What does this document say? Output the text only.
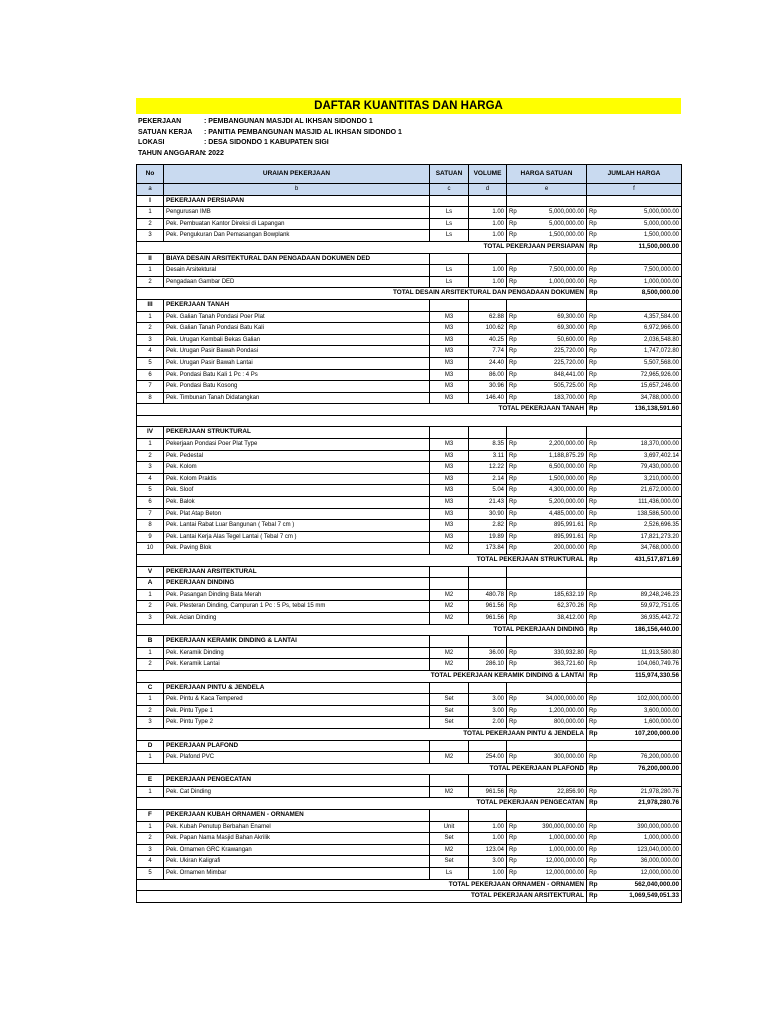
DAFTAR KUANTITAS DAN HARGA
PEKERJAAN	: PEMBANGUNAN MASJDI AL IKHSAN SIDONDO 1
SATUAN KERJA	: PANITIA PEMBANGUNAN MASJID AL IKHSAN SIDONDO 1
LOKASI	: DESA SIDONDO 1 KABUPATEN SIGI
TAHUN ANGGARAN : 2022
No	URAIAN PEKERJAAN	SATUAN	VOLUME	HARGA SATUAN		JUMLAH HARGA	
a	b	c	d	e		f	
I	PEKERJAAN PERSIAPAN						
1	Pengurusan IMB	Ls	1.00	Rp	5,000,000.00	Rp	5,000,000.00
2	Pek. Pembuatan Kantor Direksi di Lapangan	Ls	1.00	Rp	5,000,000.00	Rp	5,000,000.00
3	Pek. Pengukuran Dan Pemasangan Bowplank	Ls	1.00	Rp	1,500,000.00	Rp	1,500,000.00
TOTAL PEKERJAAN PERSIAPAN						Rp	11,500,000.00
II	BIAYA DESAIN ARSITEKTURAL DAN PENGADAAN DOKUMEN DED						
1	Desain Arsitektural	Ls	1.00	Rp	7,500,000.00	Rp	7,500,000.00
2	Pengadaan Gambar DED	Ls	1.00	Rp	1,000,000.00	Rp	1,000,000.00
TOTAL DESAIN ARSITEKTURAL DAN PENGADAAN DOKUMEN						Rp	8,500,000.00
III	PEKERJAAN TANAH						
1	Pek. Galian Tanah Pondasi Poer Plat	M3	62.88	Rp	69,300.00	Rp	4,357,584.00
2	Pek. Galian Tanah Pondasi Batu Kali	M3	100.62	Rp	69,300.00	Rp	6,972,966.00
3	Pek. Urugan Kembali Bekas Galian	M3	40.25	Rp	50,600.00	Rp	2,036,548.80
4	Pek. Urugan Pasir Bawah Pondasi	M3	7.74	Rp	225,720.00	Rp	1,747,072.80
5	Pek. Urugan Pasir Bawah Lantai	M3	24.40	Rp	225,720.00	Rp	5,507,568.00
6	Pek. Pondasi Batu Kali 1 Pc : 4 Ps	M3	86.00	Rp	848,441.00	Rp	72,965,926.00
7	Pek. Pondasi Batu Kosong	M3	30.96	Rp	505,725.00	Rp	15,657,246.00
8	Pek. Timbunan Tanah Didatangkan	M3	146.40	Rp	183,700.00	Rp	34,788,000.00
TOTAL PEKERJAAN TANAH						Rp	136,138,591.60

IV	PEKERJAAN STRUKTURAL						
1	Pekerjaan Pondasi Poer Plat Type	M3	8.35	Rp	2,200,000.00	Rp	18,370,000.00
2	Pek. Pedestal	M3	3.11	Rp	1,188,875.29	Rp	3,697,402.14
3	Pek. Kolom	M3	12.22	Rp	6,500,000.00	Rp	79,430,000.00
4	Pek. Kolom Praktis	M3	2.14	Rp	1,500,000.00	Rp	3,210,000.00
5	Pek. Sloof	M3	5.04	Rp	4,300,000.00	Rp	21,672,000.00
6	Pek. Balok	M3	21.43	Rp	5,200,000.00	Rp	111,436,000.00
7	Pek. Plat Atap Beton	M3	30.90	Rp	4,485,000.00	Rp	138,586,500.00
8	Pek. Lantai Rabat Luar Bangunan ( Tebal 7 cm )	M3	2.82	Rp	895,991.61	Rp	2,526,696.35
9	Pek. Lantai Kerja Alas Tegel Lantai ( Tebal 7 cm )	M3	19.89	Rp	895,991.61	Rp	17,821,273.20
10	Pek. Paving Blok	M2	173.84	Rp	200,000.00	Rp	34,768,000.00
TOTAL PEKERJAAN STRUKTURAL						Rp	431,517,871.69
V	PEKERJAAN ARSITEKTURAL						
A	PEKERJAAN DINDING						
1	Pek. Pasangan Dinding Bata Merah	M2	480.78	Rp	185,632.19	Rp	89,248,246.23
2	Pek. Plesteran Dinding, Campuran 1 Pc : 5 Ps, tebal 15 mm	M2	961.56	Rp	62,370.26	Rp	59,972,751.05
3	Pek. Acian Dinding	M2	961.56	Rp	38,412.00	Rp	36,935,442.72
TOTAL PEKERJAAN DINDING						Rp	186,156,440.00
B	PEKERJAAN KERAMIK DINDING & LANTAI						
1	Pek. Keramik Dinding	M2	36.00	Rp	330,932.80	Rp	11,913,580.80
2	Pek. Keramik Lantai	M2	286.10	Rp	363,721.60	Rp	104,060,749.76
TOTAL PEKERJAAN KERAMIK DINDING & LANTAI						Rp	115,974,330.56
C	PEKERJAAN PINTU & JENDELA						
1	Pek. Pintu & Kaca Tempered	Set	3.00	Rp	34,000,000.00	Rp	102,000,000.00
2	Pek. Pintu Type 1	Set	3.00	Rp	1,200,000.00	Rp	3,600,000.00
3	Pek. Pintu Type 2	Set	2.00	Rp	800,000.00	Rp	1,600,000.00
TOTAL PEKERJAAN PINTU & JENDELA						Rp	107,200,000.00
D	PEKERJAAN PLAFOND						
1	Pek. Plafond PVC	M2	254.00	Rp	300,000.00	Rp	76,200,000.00
TOTAL PEKERJAAN PLAFOND						Rp	76,200,000.00
E	PEKERJAAN PENGECATAN						
1	Pek. Cat Dinding	M2	961.56	Rp	22,856.90	Rp	21,978,280.76
TOTAL PEKERJAAN PENGECATAN						Rp	21,978,280.76
F	PEKERJAAN KUBAH ORNAMEN - ORNAMEN						
1	Pek. Kubah Penutup Berbahan Enamel	Unit	1.00	Rp	390,000,000.00	Rp	390,000,000.00
2	Pek. Papan Nama Masjid Bahan Akrilik	Set	1.00	Rp	1,000,000.00	Rp	1,000,000.00
3	Pek. Ornamen GRC Krawangan	M2	123.04	Rp	1,000,000.00	Rp	123,040,000.00
4	Pek. Ukiran Kaligrafi	Set	3.00	Rp	12,000,000.00	Rp	36,000,000.00
5	Pek. Ornamen Mimbar	Ls	1.00	Rp	12,000,000.00	Rp	12,000,000.00
TOTAL PEKERJAAN ORNAMEN - ORNAMEN						Rp	562,040,000.00
TOTAL PEKERJAAN ARSITEKTURAL						Rp	1,069,549,051.33
